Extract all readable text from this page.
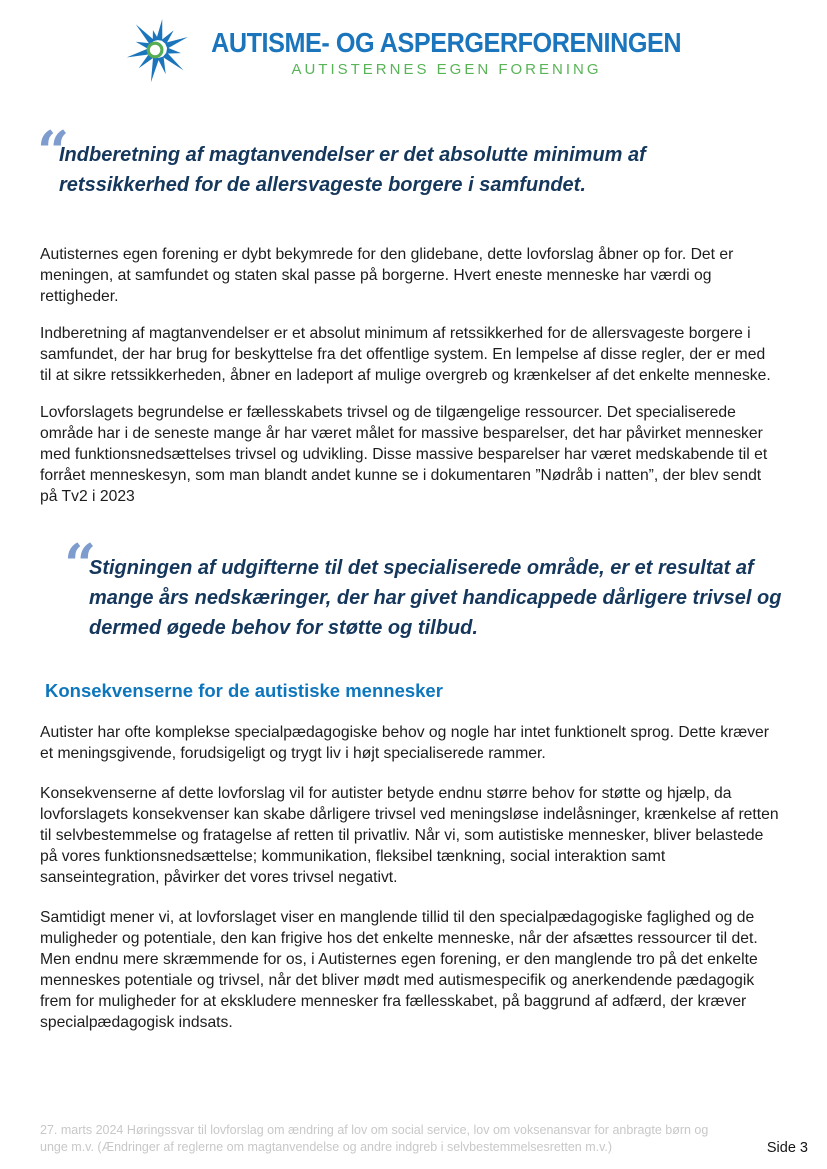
AUTISME- OG ASPERGERFORENINGEN
AUTISTERNES EGEN FORENING
“
Indberetning af magtanvendelser er det absolutte minimum af retssikkerhed for de allersvageste borgere i samfundet.

Autisternes egen forening er dybt bekymrede for den glidebane, dette lovforslag åbner op for. Det er meningen, at samfundet og staten skal passe på borgerne. Hvert eneste menneske har værdi og rettigheder.

Indberetning af magtanvendelser er et absolut minimum af retssikkerhed for de allersvageste borgere i samfundet, der har brug for beskyttelse fra det offentlige system. En lempelse af disse regler, der er med til at sikre retssikkerheden, åbner en ladeport af mulige overgreb og krænkelser af det enkelte menneske.

Lovforslagets begrundelse er fællesskabets trivsel og de tilgængelige ressourcer. Det specialiserede område har i de seneste mange år har været målet for massive besparelser, det har påvirket mennesker med funktionsnedsættelses trivsel og udvikling. Disse massive besparelser har været medskabende til et forrået menneskesyn, som man blandt andet kunne se i dokumentaren ”Nødråb i natten”, der blev sendt på Tv2 i 2023

“
Stigningen af udgifterne til det specialiserede område, er et resultat af mange års nedskæringer, der har givet handicappede dårligere trivsel og dermed øgede behov for støtte og tilbud.
Konsekvenserne for de autistiske mennesker

Autister har ofte komplekse specialpædagogiske behov og nogle har intet funktionelt sprog. Dette kræver et meningsgivende, forudsigeligt og trygt liv i højt specialiserede rammer.

Konsekvenserne af dette lovforslag vil for autister betyde endnu større behov for støtte og hjælp, da lovforslagets konsekvenser kan skabe dårligere trivsel ved meningsløse indelåsninger, krænkelse af retten til selvbestemmelse og fratagelse af retten til privatliv. Når vi, som autistiske mennesker, bliver belastede på vores funktionsnedsættelse; kommunikation, fleksibel tænkning, social interaktion samt sanseintegration, påvirker det vores trivsel negativt.

Samtidigt mener vi, at lovforslaget viser en manglende tillid til den specialpædagogiske faglighed og de muligheder og potentiale, den kan frigive hos det enkelte menneske, når der afsættes ressourcer til det. Men endnu mere skræmmende for os, i Autisternes egen forening, er den manglende tro på det enkelte menneskes potentiale og trivsel, når det bliver mødt med autismespecifik og anerkendende pædagogik frem for muligheder for at ekskludere mennesker fra fællesskabet, på baggrund af adfærd, der kræver specialpædagogisk indsats.

27. marts 2024 Høringssvar til lovforslag om ændring af lov om social service, lov om voksenansvar for anbragte børn og unge m.v. (Ændringer af reglerne om magtanvendelse og andre indgreb i selvbestemmelsesretten m.v.)	Side 3
